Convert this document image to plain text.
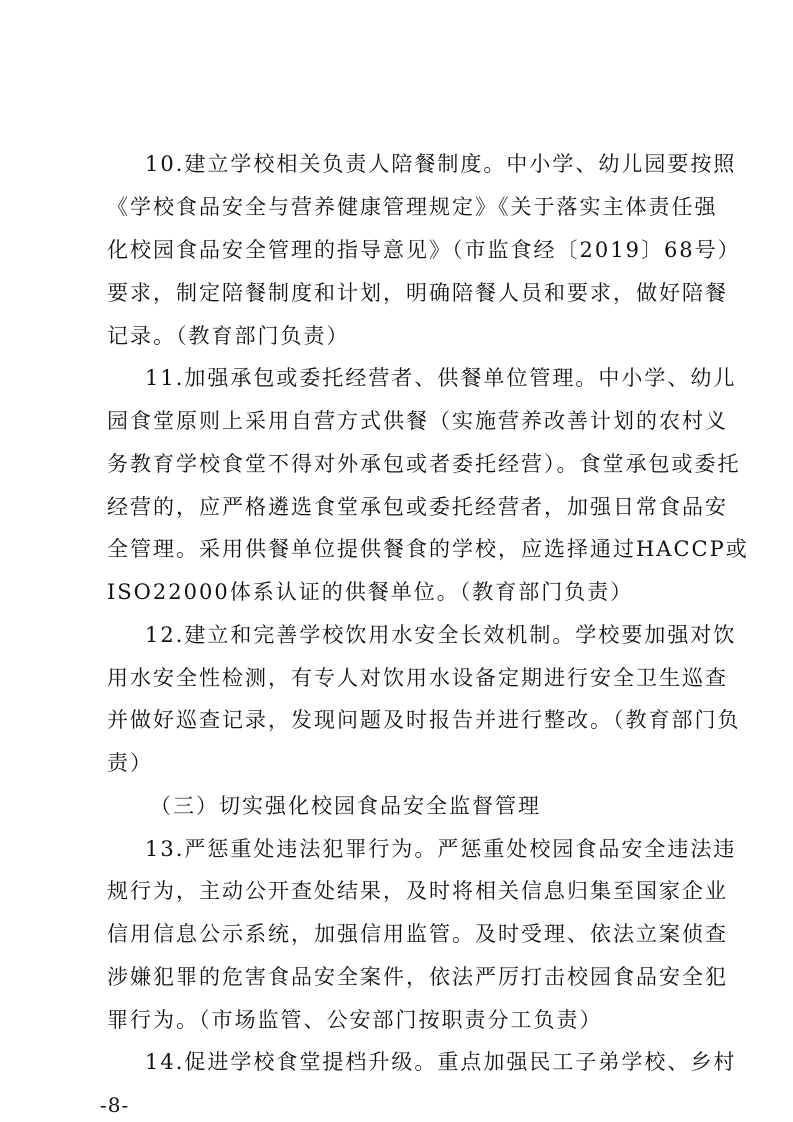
10.建立学校相关负责人陪餐制度。中小学、幼儿园要按照
《学校食品安全与营养健康管理规定》《关于落实主体责任强
化校园食品安全管理的指导意见》（市监食经〔2019〕68号）
要求，制定陪餐制度和计划，明确陪餐人员和要求，做好陪餐
记录。（教育部门负责）
11.加强承包或委托经营者、供餐单位管理。中小学、幼儿
园食堂原则上采用自营方式供餐（实施营养改善计划的农村义
务教育学校食堂不得对外承包或者委托经营）。食堂承包或委托
经营的，应严格遴选食堂承包或委托经营者，加强日常食品安
全管理。采用供餐单位提供餐食的学校，应选择通过HACCP或
ISO22000体系认证的供餐单位。（教育部门负责）
12.建立和完善学校饮用水安全长效机制。学校要加强对饮
用水安全性检测，有专人对饮用水设备定期进行安全卫生巡查
并做好巡查记录，发现问题及时报告并进行整改。（教育部门负
责）
（三）切实强化校园食品安全监督管理
13.严惩重处违法犯罪行为。严惩重处校园食品安全违法违
规行为，主动公开查处结果，及时将相关信息归集至国家企业
信用信息公示系统，加强信用监管。及时受理、依法立案侦查
涉嫌犯罪的危害食品安全案件，依法严厉打击校园食品安全犯
罪行为。（市场监管、公安部门按职责分工负责）
14.促进学校食堂提档升级。重点加强民工子弟学校、乡村
-8-
